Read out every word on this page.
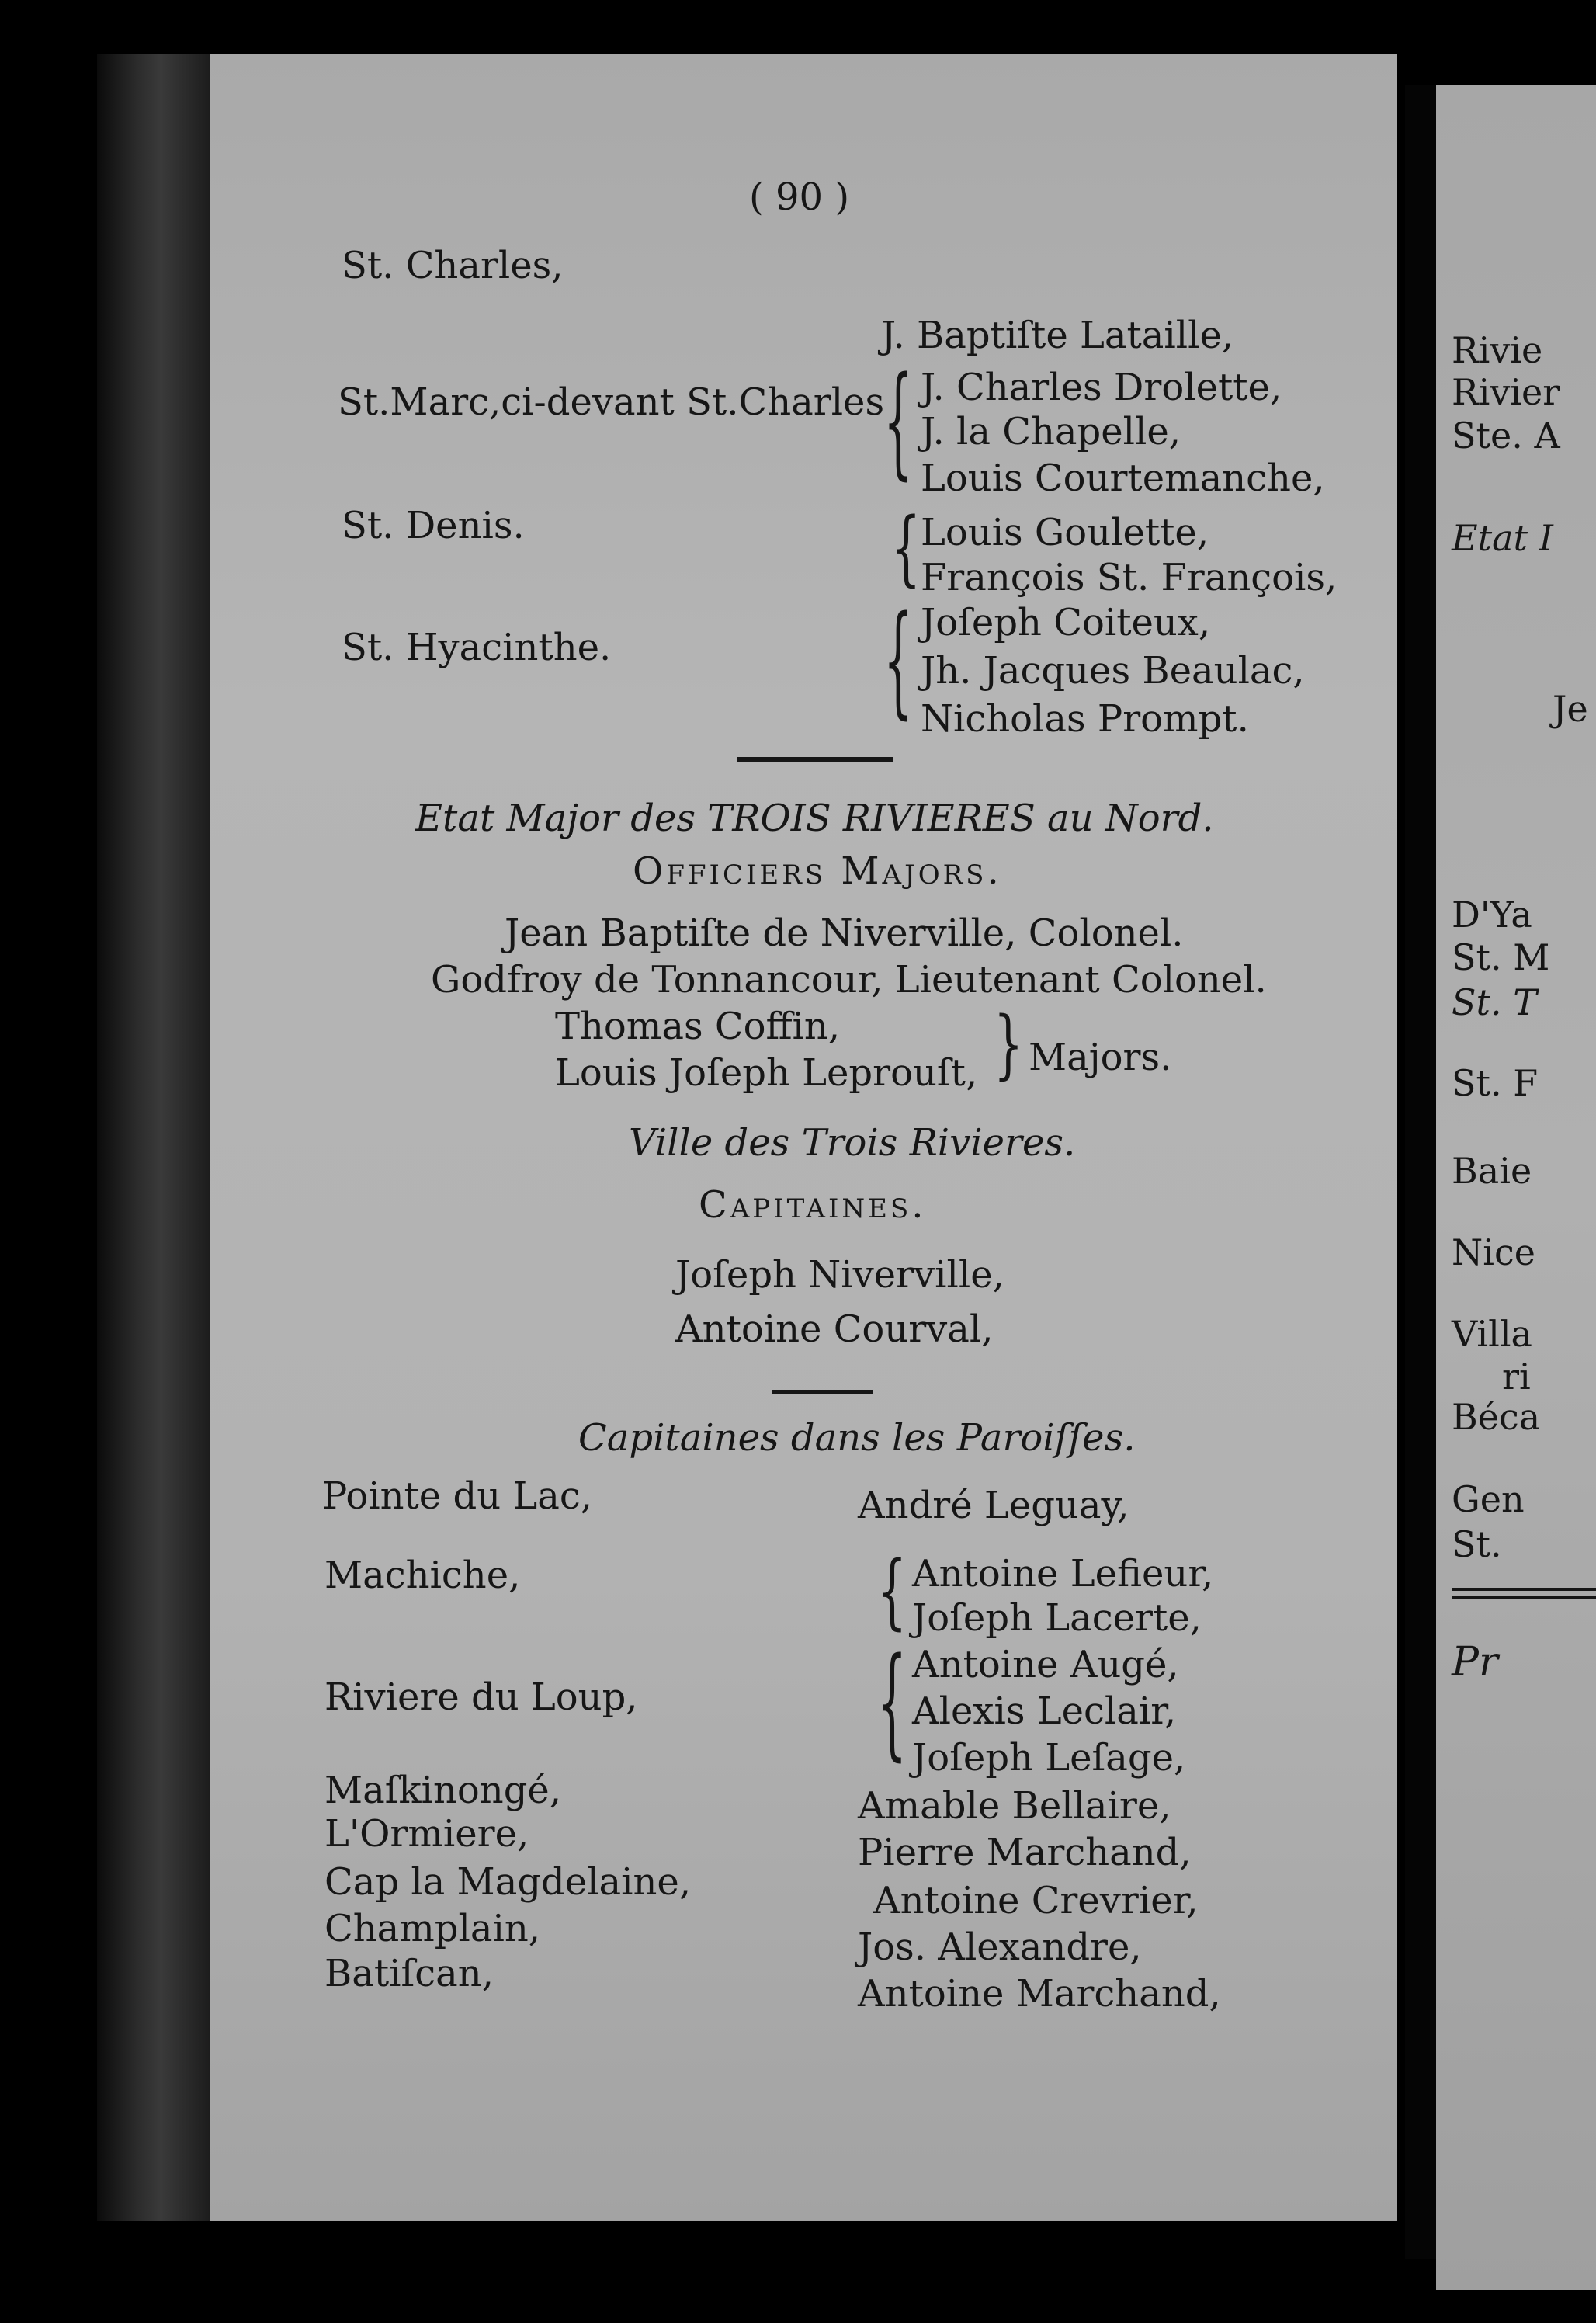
( 90 )
St. Charles,
St.Marc,ci-devant St.Charles
St. Denis.
St. Hyacinthe.
J. Baptiſte Lataille,
J. Charles Drolette,
J. la Chapelle,
Louis Courtemanche,
Louis Goulette,
François St. François,
Joſeph Coiteux,
Jh. Jacques Beaulac,
Nicholas Prompt.
{
{
{
Etat Major des TROIS RIVIERES au Nord.
Officiers Majors.
Jean Baptiſte de Niverville, Colonel.
Godfroy de Tonnancour, Lieutenant Colonel.
Thomas Coffin,
Louis Joſeph Leprouſt, } Majors.
Ville des Trois Rivieres.
Capitaines.
Joſeph Niverville,
Antoine Courval,
Capitaines dans les Paroiſſes.
Pointe du Lac,
Machiche,
Riviere du Loup,
Maſkinongé,
L'Ormiere,
Cap la Magdelaine,
Champlain,
Batiſcan,
André Leguay,
Antoine Lefieur,
Joſeph Lacerte,
Antoine Augé,
Alexis Leclair,
Joſeph Leſage,
Amable Bellaire,
Pierre Marchand,
Antoine Crevrier,
Jos. Alexandre,
Antoine Marchand,
{
{
Rivie
Rivier
Ste. A
Etat I
Je
D'Ya
St. M
St. T
St. F
Baie
Nice
Villa
ri
Béca
Gen
St.
Pr
